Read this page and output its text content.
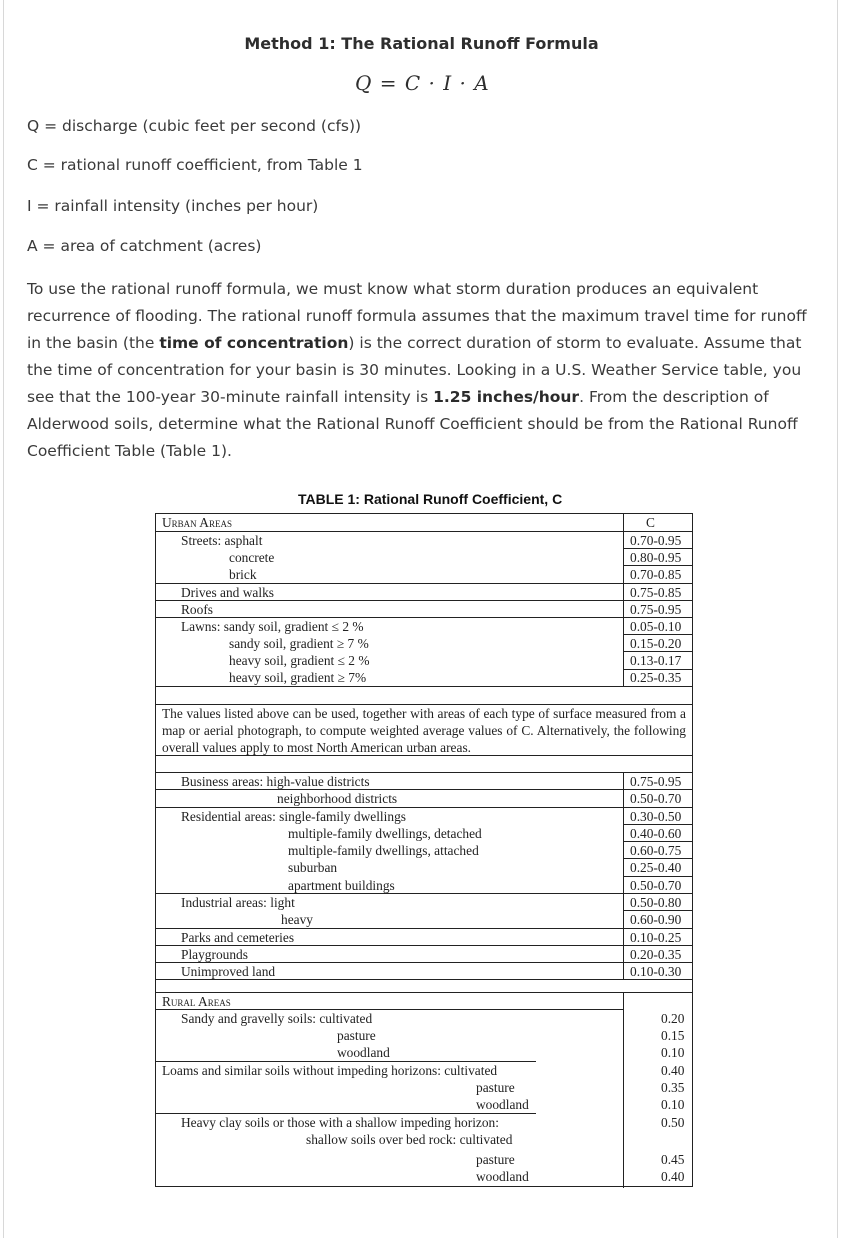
Method 1: The Rational Runoff Formula
Q = C · I · A
Q = discharge (cubic feet per second (cfs))
C = rational runoff coefficient, from Table 1
I = rainfall intensity (inches per hour)
A = area of catchment (acres)
To use the rational runoff formula, we must know what storm duration produces an equivalent recurrence of flooding. The rational runoff formula assumes that the maximum travel time for runoff in the basin (the time of concentration) is the correct duration of storm to evaluate. Assume that the time of concentration for your basin is 30 minutes. Looking in a U.S. Weather Service table, you see that the 100-year 30-minute rainfall intensity is 1.25 inches/hour. From the description of Alderwood soils, determine what the Rational Runoff Coefficient should be from the Rational Runoff Coefficient Table (Table 1).
TABLE 1: Rational Runoff Coefficient, C
Urban Areas	C
Streets: asphalt	0.70-0.95
concrete	0.80-0.95
brick	0.70-0.85
Drives and walks	0.75-0.85
Roofs	0.75-0.95
Lawns: sandy soil, gradient ≤ 2 %	0.05-0.10
sandy soil, gradient ≥ 7 %	0.15-0.20
heavy soil, gradient ≤ 2 %	0.13-0.17
heavy soil, gradient ≥ 7%	0.25-0.35
The values listed above can be used, together with areas of each type of surface measured from a map or aerial photograph, to compute weighted average values of C. Alternatively, the following overall values apply to most North American urban areas.
Business areas: high-value districts	0.75-0.95
neighborhood districts	0.50-0.70
Residential areas: single-family dwellings	0.30-0.50
multiple-family dwellings, detached	0.40-0.60
multiple-family dwellings, attached	0.60-0.75
suburban	0.25-0.40
apartment buildings	0.50-0.70
Industrial areas: light	0.50-0.80
heavy	0.60-0.90
Parks and cemeteries	0.10-0.25
Playgrounds	0.20-0.35
Unimproved land	0.10-0.30
Rural Areas
Sandy and gravelly soils: cultivated	0.20
pasture	0.15
woodland	0.10
Loams and similar soils without impeding horizons: cultivated	0.40
pasture	0.35
woodland	0.10
Heavy clay soils or those with a shallow impeding horizon:	0.50
shallow soils over bed rock: cultivated
pasture	0.45
woodland	0.40
